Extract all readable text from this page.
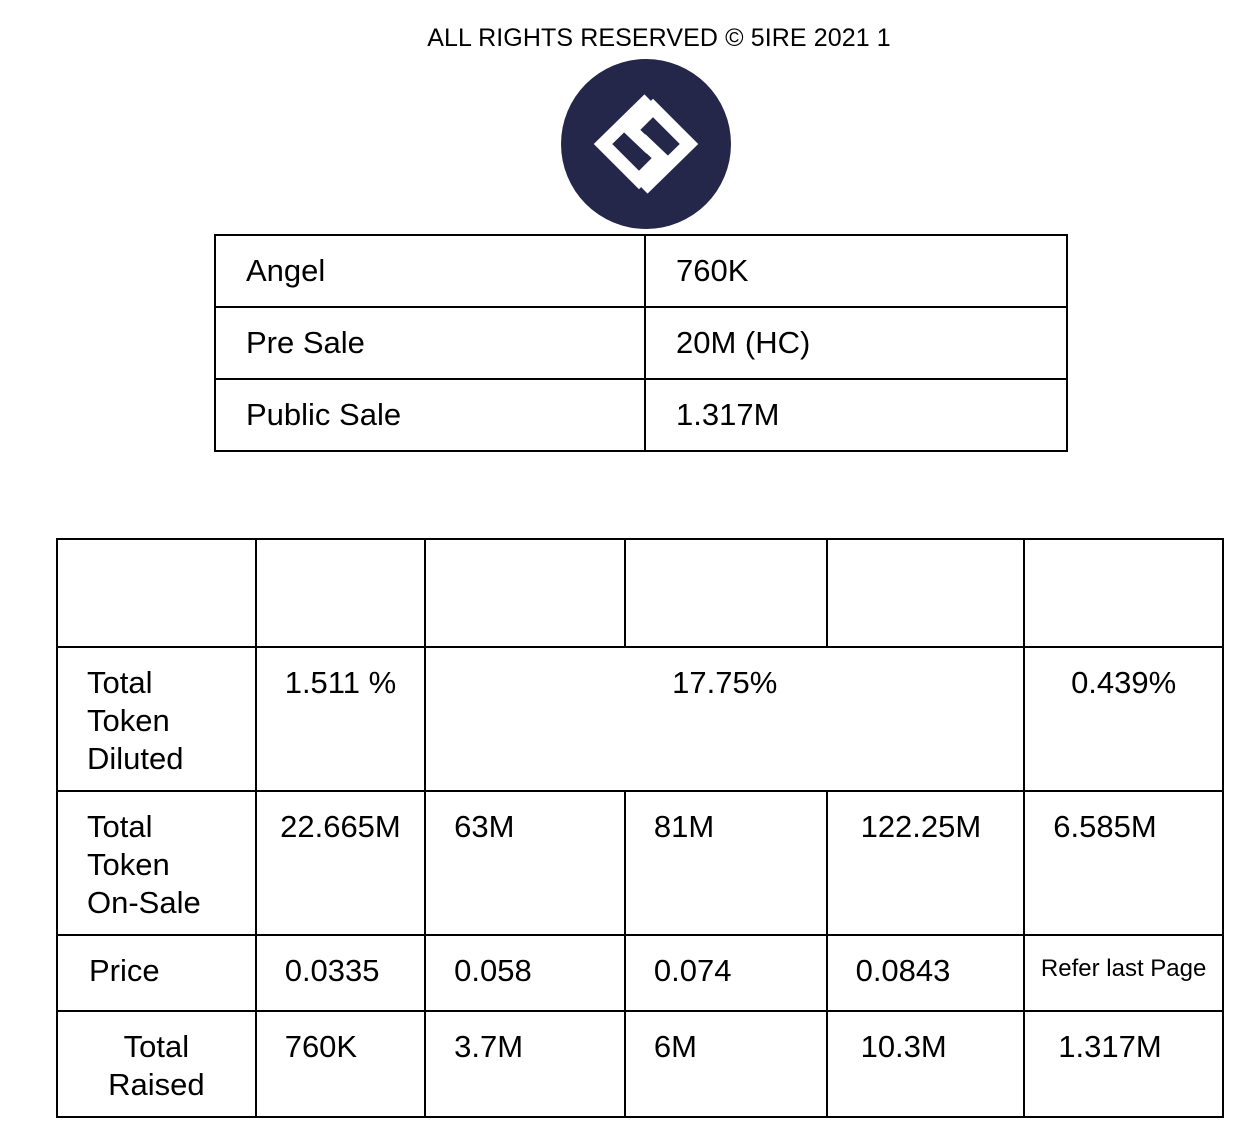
ALL RIGHTS RESERVED © 5IRE 2021 1
Angel	760K
Pre Sale	20M (HC)
Public Sale	1.317M

Total
Token
Diluted	1.511 %	17.75%			0.439%
Total
Token
On-Sale	22.665M	63M	81M	122.25M	6.585M
Price	0.0335	0.058	0.074	0.0843	Refer last Page
Total
Raised	760K	3.7M	6M	10.3M	1.317M
